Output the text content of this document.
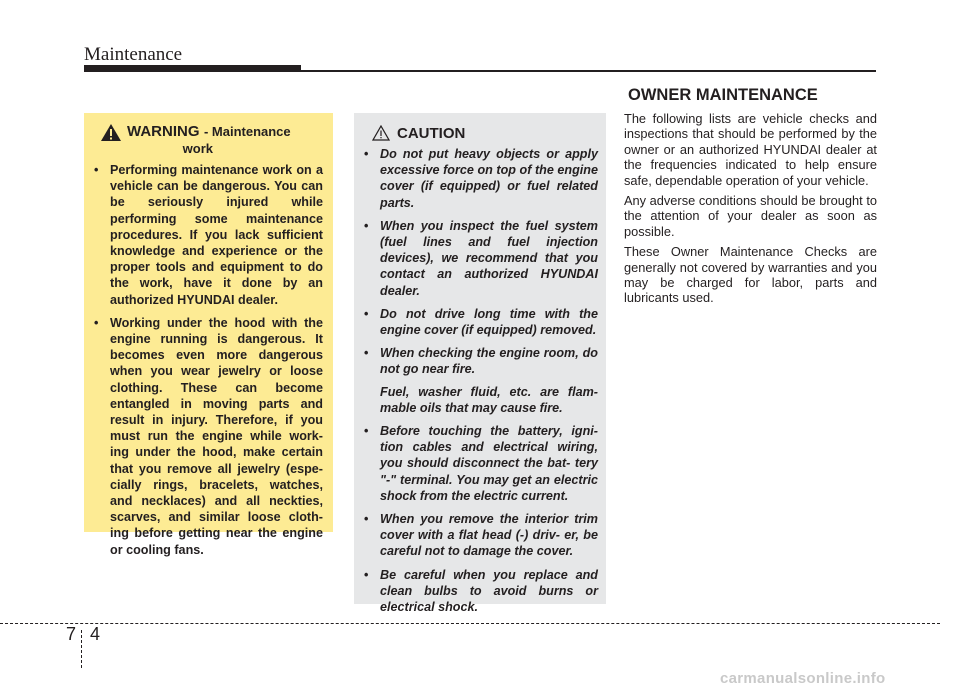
Maintenance
WARNING - Maintenance
work
• Performing maintenance work on a vehicle can be dangerous. You can be seriously injured while performing some maintenance procedures. If you lack sufficient knowledge and experience or the proper tools and equipment to do the work, have it done by an authorized HYUNDAI dealer.
• Working under the hood with the engine running is dangerous. It becomes even more dangerous when you wear jewelry or loose clothing. These can become entangled in moving parts and result in injury. Therefore, if you must run the engine while work- ing under the hood, make certain that you remove all jewelry (espe- cially rings, bracelets, watches, and necklaces) and all neckties, scarves, and similar loose cloth- ing before getting near the engine or cooling fans.
CAUTION
• Do not put heavy objects or apply excessive force on top of the engine cover (if equipped) or fuel related parts.
• When you inspect the fuel system (fuel lines and fuel injection devices), we recommend that you contact an authorized HYUNDAI dealer.
• Do not drive long time with the engine cover (if equipped) removed.
• When checking the engine room, do not go near fire.
Fuel, washer fluid, etc. are flam- mable oils that may cause fire.
• Before touching the battery, igni- tion cables and electrical wiring, you should disconnect the bat- tery "-" terminal. You may get an electric shock from the electric current.
• When you remove the interior trim cover with a flat head (-) driv- er, be careful not to damage the cover.
• Be careful when you replace and clean bulbs to avoid burns or electrical shock.
OWNER MAINTENANCE

The following lists are vehicle checks and inspections that should be performed by the owner or an authorized HYUNDAI dealer at the frequencies indicated to help ensure safe, dependable operation of your vehicle.

Any adverse conditions should be brought to the attention of your dealer as soon as possible.

These Owner Maintenance Checks are generally not covered by warranties and you may be charged for labor, parts and lubricants used.

7 4
carmanualsonline.info
